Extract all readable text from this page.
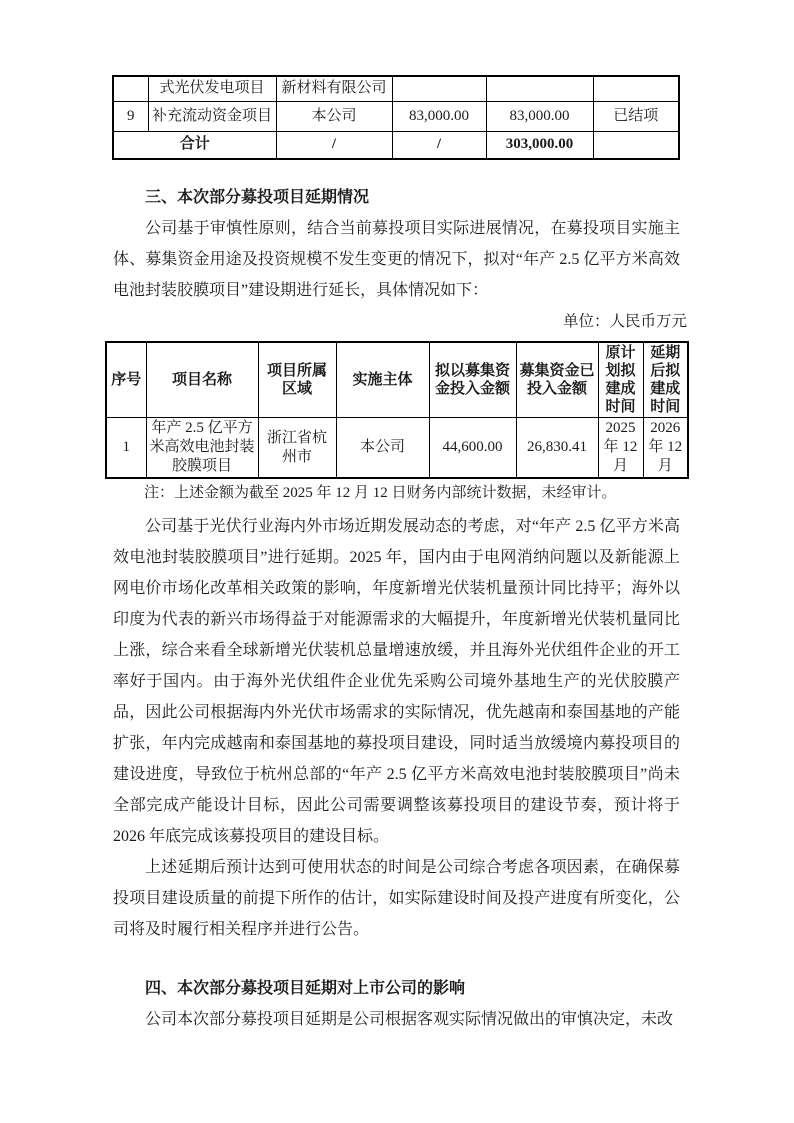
	式光伏发电项目	新材料有限公司			
9	补充流动资金项目	本公司	83,000.00	83,000.00	已结项
合计		/	/	303,000.00	
三、本次部分募投项目延期情况

公司基于审慎性原则，结合当前募投项目实际进展情况，在募投项目实施主体、募集资金用途及投资规模不发生变更的情况下，拟对“年产 2.5 亿平方米高效电池封装胶膜项目”建设期进行延长，具体情况如下：

单位：人民币万元
序号	项目名称	项目所属区域	实施主体	拟以募集资金投入金额	募集资金已投入金额	原计划拟建成时间	延期后拟建成时间
1	年产 2.5 亿平方米高效电池封装胶膜项目	浙江省杭州市	本公司	44,600.00	26,830.41	2025 年 12 月	2026 年 12 月
注：上述金额为截至 2025 年 12 月 12 日财务内部统计数据，未经审计。

公司基于光伏行业海内外市场近期发展动态的考虑，对“年产 2.5 亿平方米高效电池封装胶膜项目”进行延期。2025 年，国内由于电网消纳问题以及新能源上网电价市场化改革相关政策的影响，年度新增光伏装机量预计同比持平；海外以印度为代表的新兴市场得益于对能源需求的大幅提升，年度新增光伏装机量同比上涨，综合来看全球新增光伏装机总量增速放缓，并且海外光伏组件企业的开工率好于国内。由于海外光伏组件企业优先采购公司境外基地生产的光伏胶膜产品，因此公司根据海内外光伏市场需求的实际情况，优先越南和泰国基地的产能扩张，年内完成越南和泰国基地的募投项目建设，同时适当放缓境内募投项目的建设进度，导致位于杭州总部的“年产 2.5 亿平方米高效电池封装胶膜项目”尚未全部完成产能设计目标，因此公司需要调整该募投项目的建设节奏，预计将于 2026 年底完成该募投项目的建设目标。

上述延期后预计达到可使用状态的时间是公司综合考虑各项因素，在确保募投项目建设质量的前提下所作的估计，如实际建设时间及投产进度有所变化，公司将及时履行相关程序并进行公告。

四、本次部分募投项目延期对上市公司的影响

公司本次部分募投项目延期是公司根据客观实际情况做出的审慎决定，未改
